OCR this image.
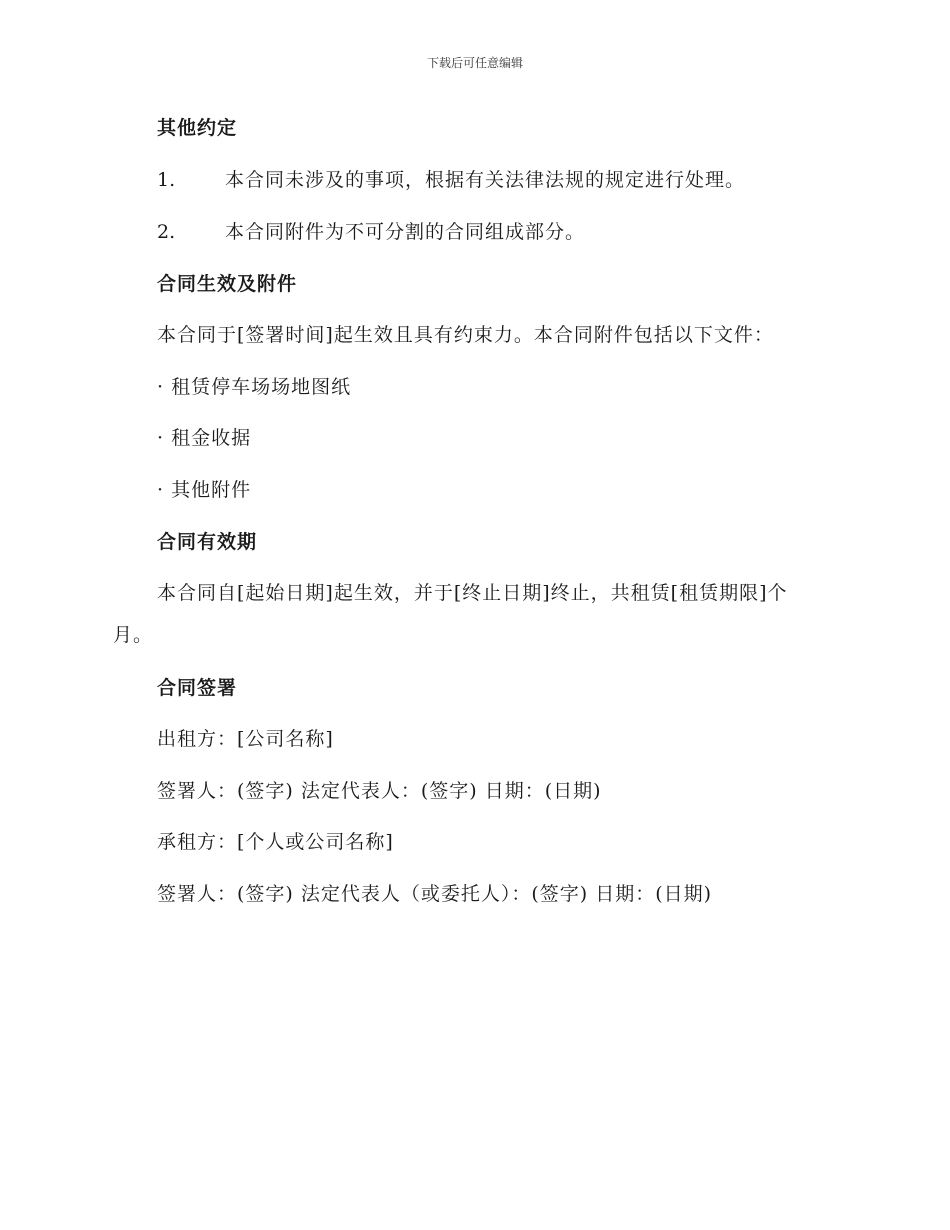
下载后可任意编辑
其他约定
1.	本合同未涉及的事项，根据有关法律法规的规定进行处理。
2.	本合同附件为不可分割的合同组成部分。
合同生效及附件
本合同于[签署时间]起生效且具有约束力。本合同附件包括以下文件：
· 租赁停车场场地图纸
· 租金收据
· 其他附件
合同有效期
本合同自[起始日期]起生效，并于[终止日期]终止，共租赁[租赁期限]个
月。
合同签署
出租方：[公司名称]
签署人：(签字) 法定代表人：(签字) 日期：(日期)
承租方：[个人或公司名称]
签署人：(签字) 法定代表人（或委托人）：(签字) 日期：(日期)
